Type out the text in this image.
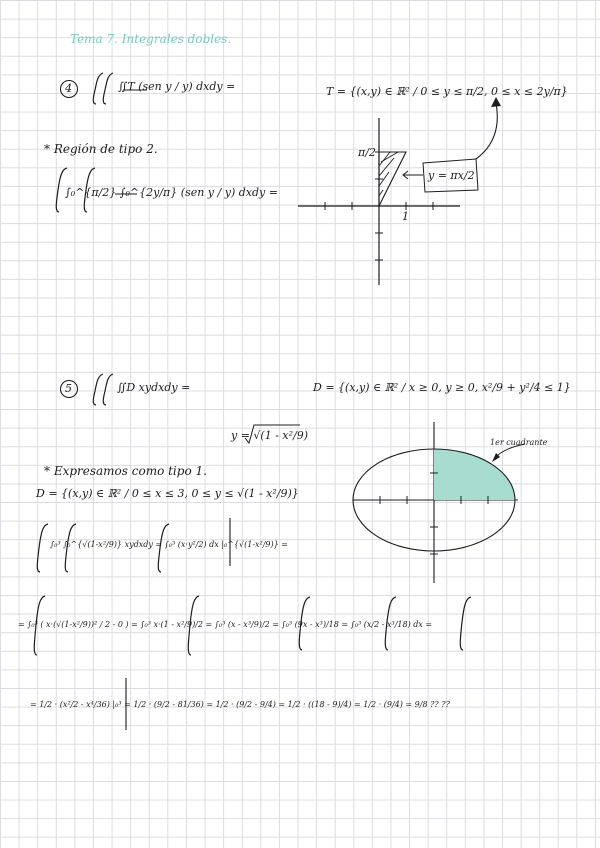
Tema 7. Integrales dobles.
4	∬T (sen y / y) dxdy =	T = {(x,y) ∈ ℝ² / 0 ≤ y ≤ π/2, 0 ≤ x ≤ 2y/π}
* Región de tipo 2.
∫₀^{π/2} ∫₀^{2y/π} (sen y / y) dxdy =
π/2
1
y = πx/2
5	∬D xydxdy =	D = {(x,y) ∈ ℝ² / x ≥ 0, y ≥ 0, x²/9 + y²/4 ≤ 1}
y = √(1 - x²/9)
1er cuadrante
* Expresamos como tipo 1.
D = {(x,y) ∈ ℝ² / 0 ≤ x ≤ 3, 0 ≤ y ≤ √(1 - x²/9)}
∫₀³ ∫₀^{√(1-x²/9)} xydxdy = ∫₀³ (x·y²/2) dx |₀^{√(1-x²/9)} =
= ∫₀³ ( x·(√(1-x²/9))² / 2 - 0 ) = ∫₀³ x·(1 - x²/9)/2 = ∫₀³ (x - x³/9)/2 = ∫₀³ (9x - x³)/18 = ∫₀³ (x/2 - x³/18) dx =
= 1/2 · (x²/2 - x⁴/36) |₀³ = 1/2 · (9/2 - 81/36) = 1/2 · (9/2 - 9/4) = 1/2 · ((18 - 9)/4) = 1/2 · (9/4) = 9/8 ?? ??
